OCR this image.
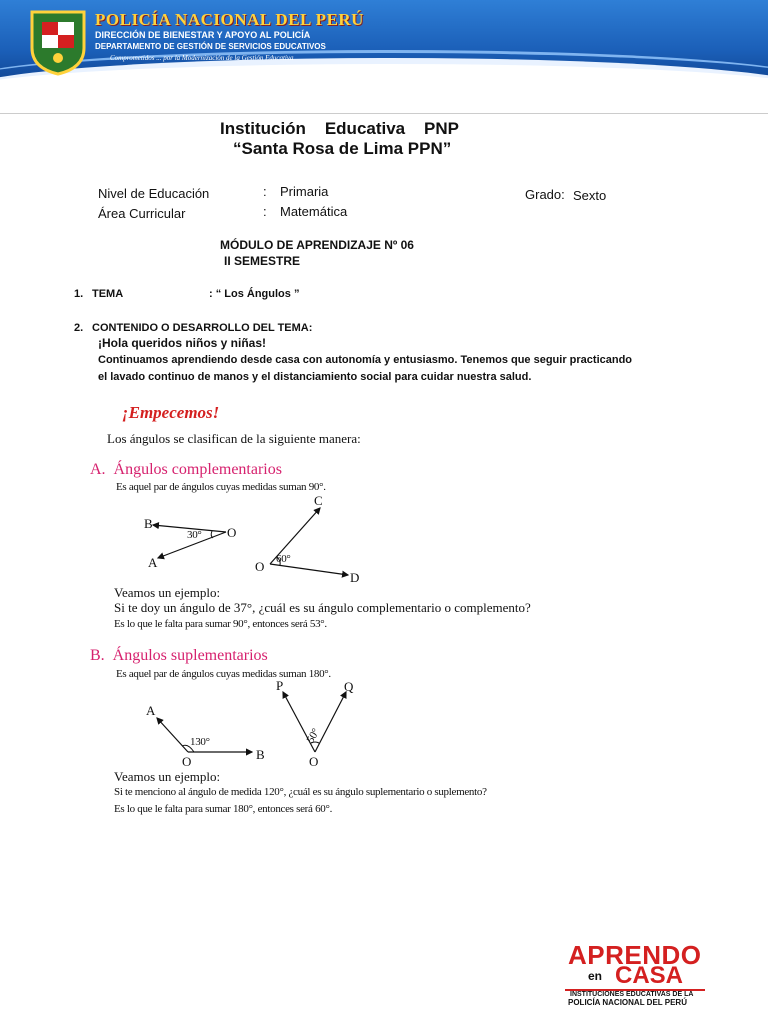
POLICÍA NACIONAL DEL PERÚ
DIRECCIÓN DE BIENESTAR Y APOYO AL POLICÍA
DEPARTAMENTO DE GESTIÓN DE SERVICIOS EDUCATIVOS
Comprometidos ... por la Modernización de la Gestión Educativa
Institución    Educativa    PNP
“Santa Rosa de Lima PPN”
Nivel de Educación	: Primaria
Área Curricular	: Matemática
Grado: Sexto
MÓDULO DE APRENDIZAJE Nº 06
II SEMESTRE
1. TEMA	: “ Los Ángulos ”
2. CONTENIDO O DESARROLLO DEL TEMA:
¡Hola queridos niños y niñas!
Continuamos aprendiendo desde casa con autonomía y entusiasmo. Tenemos que seguir practicando
el lavado continuo de manos y el distanciamiento social para cuidar nuestra salud.
¡Empecemos!
Los ángulos se clasifican de la siguiente manera:
A.  Ángulos complementarios
Es aquel par de ángulos cuyas medidas suman 90°.
B
A
O
30°
C
D
O 60°
Veamos un ejemplo:
Si te doy un ángulo de 37°, ¿cuál es su ángulo complementario o complemento?
Es lo que le falta para sumar 90°, entonces será 53°.
B.  Ángulos suplementarios
Es aquel par de ángulos cuyas medidas suman 180°.
A
B
O
130°
P	Q
O
50°
Veamos un ejemplo:
Si te menciono al ángulo de medida 120°, ¿cuál es su ángulo suplementario o suplemento?
Es lo que le falta para sumar 180°, entonces será 60°.
APRENDO
en CASA
INSTITUCIONES EDUCATIVAS DE LA
POLICÍA NACIONAL DEL PERÚ
